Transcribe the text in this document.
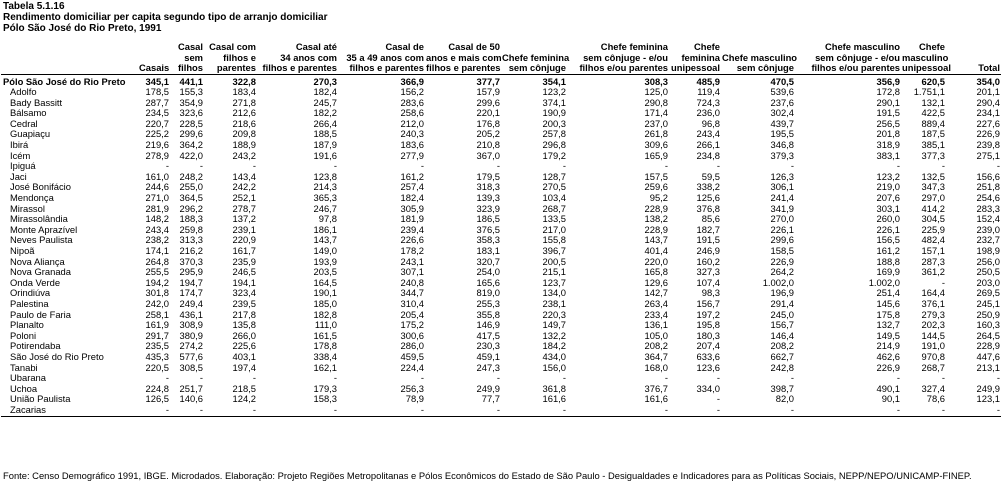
Tabela 5.1.16
Rendimento domiciliar per capita segundo tipo de arranjo domiciliar
Pólo São José do Rio Preto, 1991
	Casais	Casal
sem
filhos	Casal com
filhos e
parentes	Casal até
34 anos com
filhos e parentes	Casal de
35 a 49 anos com
filhos e parentes	Casal de 50
anos e mais com
filhos e parentes	Chefe feminina
sem cônjuge	Chefe feminina
sem cônjuge - e/ou
filhos e/ou parentes	Chefe
feminina
unipessoal	Chefe masculino
sem cônjuge	Chefe masculino
sem cônjuge - e/ou
filhos e/ou parentes	Chefe
masculino
unipessoal	Total
Pólo São José do Rio Preto	345,1	441,1	322,8	270,3	366,9	377,7	354,1	308,3	485,9	470,5	356,9	620,5	354,0
Adolfo	178,5	155,3	183,4	182,4	156,2	157,9	123,2	125,0	119,4	539,6	172,8	1.751,1	201,1
Bady Bassitt	287,7	354,9	271,8	245,7	283,6	299,6	374,1	290,8	724,3	237,6	290,1	132,1	290,4
Bálsamo	234,5	323,6	212,6	182,2	258,6	220,1	190,9	171,4	236,0	302,4	191,5	422,5	234,1
Cedral	220,7	228,5	218,6	266,4	212,0	176,8	200,3	237,0	96,8	439,7	256,5	889,4	227,6
Guapiaçu	225,2	299,6	209,8	188,5	240,3	205,2	257,8	261,8	243,4	195,5	201,8	187,5	226,9
Ibirá	219,6	364,2	188,9	187,9	183,6	210,8	296,8	309,6	266,1	346,8	318,9	385,1	239,8
Icém	278,9	422,0	243,2	191,6	277,9	367,0	179,2	165,9	234,8	379,3	383,1	377,3	275,1
Ipiguá	-	-	-	-	-	-	-	-	-	-	-	-	-
Jaci	161,0	248,2	143,4	123,8	161,2	179,5	128,7	157,5	59,5	126,3	123,2	132,5	156,6
José Bonifácio	244,6	255,0	242,2	214,3	257,4	318,3	270,5	259,6	338,2	306,1	219,0	347,3	251,8
Mendonça	271,0	364,5	252,1	365,3	182,4	139,3	103,4	95,2	125,6	241,4	207,6	297,0	254,6
Mirassol	281,9	296,2	278,7	246,7	305,9	323,9	268,7	228,9	376,8	341,9	303,1	414,2	283,3
Mirassolândia	148,2	188,3	137,2	97,8	181,9	186,5	133,5	138,2	85,6	270,0	260,0	304,5	152,4
Monte Aprazível	243,4	259,8	239,1	186,1	239,4	376,5	217,0	228,9	182,7	226,1	226,1	225,9	239,0
Neves Paulista	238,2	313,3	220,9	143,7	226,6	358,3	155,8	143,7	191,5	299,6	156,5	482,4	232,7
Nipoã	174,1	216,2	161,7	149,0	178,2	183,1	396,7	401,4	246,9	158,5	161,2	157,1	198,9
Nova Aliança	264,8	370,3	235,9	193,9	243,1	320,7	200,5	220,0	160,2	226,9	188,8	287,3	256,0
Nova Granada	255,5	295,9	246,5	203,5	307,1	254,0	215,1	165,8	327,3	264,2	169,9	361,2	250,5
Onda Verde	194,2	194,7	194,1	164,5	240,8	165,6	123,7	129,6	107,4	1.002,0	1.002,0	-	203,0
Orindiúva	301,8	174,7	323,4	190,1	344,7	819,0	134,0	142,7	98,3	196,9	251,4	164,4	269,5
Palestina	242,0	249,4	239,5	185,0	310,4	255,3	238,1	263,4	156,7	291,4	145,6	376,1	245,1
Paulo de Faria	258,1	436,1	217,8	182,8	205,4	355,8	220,3	233,4	197,2	245,0	175,8	279,3	250,9
Planalto	161,9	308,9	135,8	111,0	175,2	146,9	149,7	136,1	195,8	156,7	132,7	202,3	160,3
Poloni	291,7	380,9	266,0	161,5	300,6	417,5	132,2	105,0	180,3	146,4	149,5	144,5	264,5
Potirendaba	235,5	274,2	225,6	178,8	286,0	230,3	184,2	208,2	207,4	208,2	214,9	191,0	228,9
São José do Rio Preto	435,3	577,6	403,1	338,4	459,5	459,1	434,0	364,7	633,6	662,7	462,6	970,8	447,6
Tanabi	220,5	308,5	197,4	162,1	224,4	247,3	156,0	168,0	123,6	242,8	226,9	268,7	213,1
Ubarana	-	-	-	-	-	-	-	-	-	-	-	-	-
Uchoa	224,8	251,7	218,5	179,3	256,3	249,9	361,8	376,7	334,0	398,7	490,1	327,4	249,9
União Paulista	126,5	140,6	124,2	158,3	78,9	77,7	161,6	161,6	-	82,0	90,1	78,6	123,1
Zacarias	-	-	-	-	-	-	-	-	-	-	-	-	-
Fonte: Censo Demográfico 1991, IBGE. Microdados. Elaboração: Projeto Regiões Metropolitanas e Pólos Econômicos do Estado de São Paulo - Desigualdades e Indicadores para as Políticas Sociais, NEPP/NEPO/UNICAMP-FINEP.
